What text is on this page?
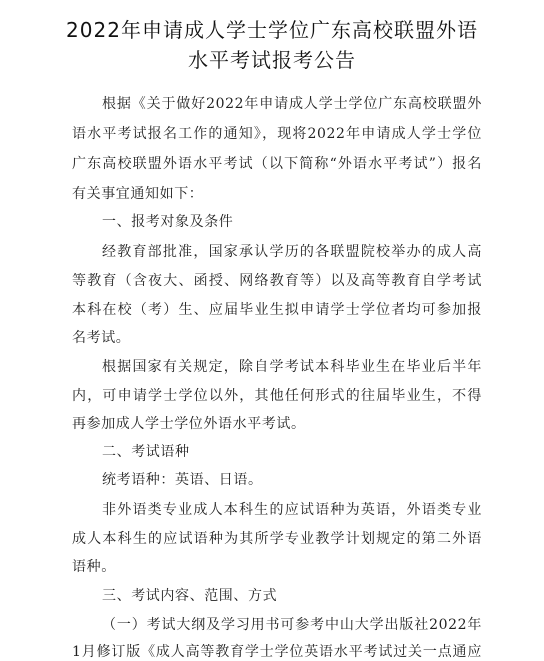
2022年申请成人学士学位广东高校联盟外语
水平考试报考公告
根据《关于做好2022年申请成人学士学位广东高校联盟外
语水平考试报名工作的通知》，现将2022年申请成人学士学位
广东高校联盟外语水平考试（以下简称“外语水平考试”）报名
有关事宜通知如下：
一、报考对象及条件
经教育部批准，国家承认学历的各联盟院校举办的成人高
等教育（含夜大、函授、网络教育等）以及高等教育自学考试
本科在校（考）生、应届毕业生拟申请学士学位者均可参加报
名考试。
根据国家有关规定，除自学考试本科毕业生在毕业后半年
内，可申请学士学位以外，其他任何形式的往届毕业生，不得
再参加成人学士学位外语水平考试。
二、考试语种
统考语种：英语、日语。
非外语类专业成人本科生的应试语种为英语，外语类专业
成人本科生的应试语种为其所学专业教学计划规定的第二外语
语种。
三、考试内容、范围、方式
（一）考试大纲及学习用书可参考中山大学出版社2022年
1月修订版《成人高等教育学士学位英语水平考试过关一点通应
